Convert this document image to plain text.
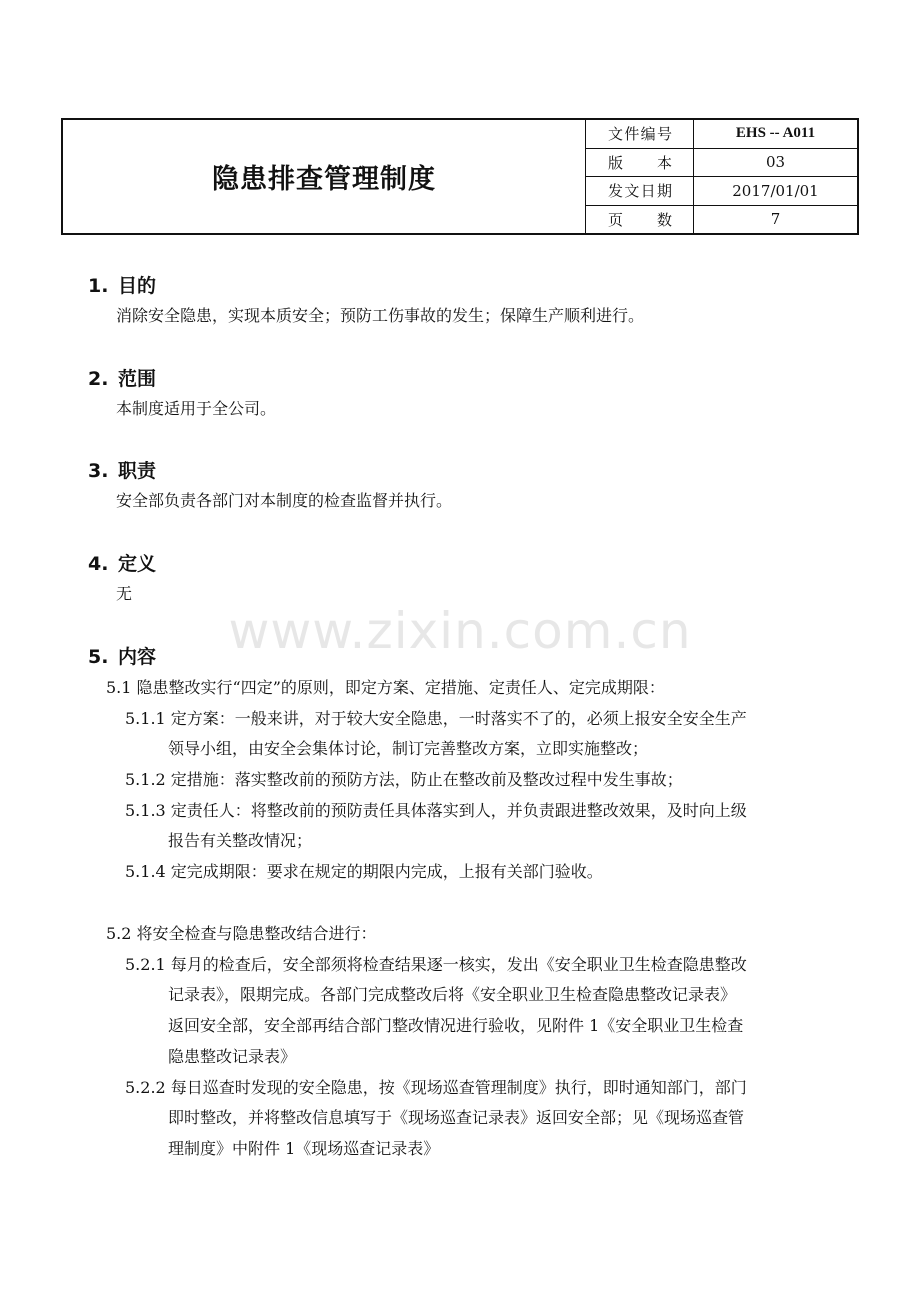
隐患排查管理制度
文件编号	EHS -- A011
版本	03
发文日期	2017/01/01
页数	7
1. 目的
消除安全隐患，实现本质安全；预防工伤事故的发生；保障生产顺利进行。
2. 范围
本制度适用于全公司。
3. 职责
安全部负责各部门对本制度的检查监督并执行。
4. 定义
无
www.zixin.com.cn
5. 内容
5.1 隐患整改实行“四定”的原则，即定方案、定措施、定责任人、定完成期限：
5.1.1 定方案：一般来讲，对于较大安全隐患，一时落实不了的，必须上报安全安全生产
领导小组，由安全会集体讨论，制订完善整改方案，立即实施整改；
5.1.2 定措施：落实整改前的预防方法，防止在整改前及整改过程中发生事故；
5.1.3 定责任人：将整改前的预防责任具体落实到人，并负责跟进整改效果，及时向上级
报告有关整改情况；
5.1.4 定完成期限：要求在规定的期限内完成，上报有关部门验收。
5.2 将安全检查与隐患整改结合进行：
5.2.1 每月的检查后，安全部须将检查结果逐一核实，发出《安全职业卫生检查隐患整改
记录表》，限期完成。各部门完成整改后将《安全职业卫生检查隐患整改记录表》
返回安全部，安全部再结合部门整改情况进行验收，见附件 1《安全职业卫生检查
隐患整改记录表》
5.2.2 每日巡查时发现的安全隐患，按《现场巡查管理制度》执行，即时通知部门，部门
即时整改，并将整改信息填写于《现场巡查记录表》返回安全部；见《现场巡查管
理制度》中附件 1《现场巡查记录表》
